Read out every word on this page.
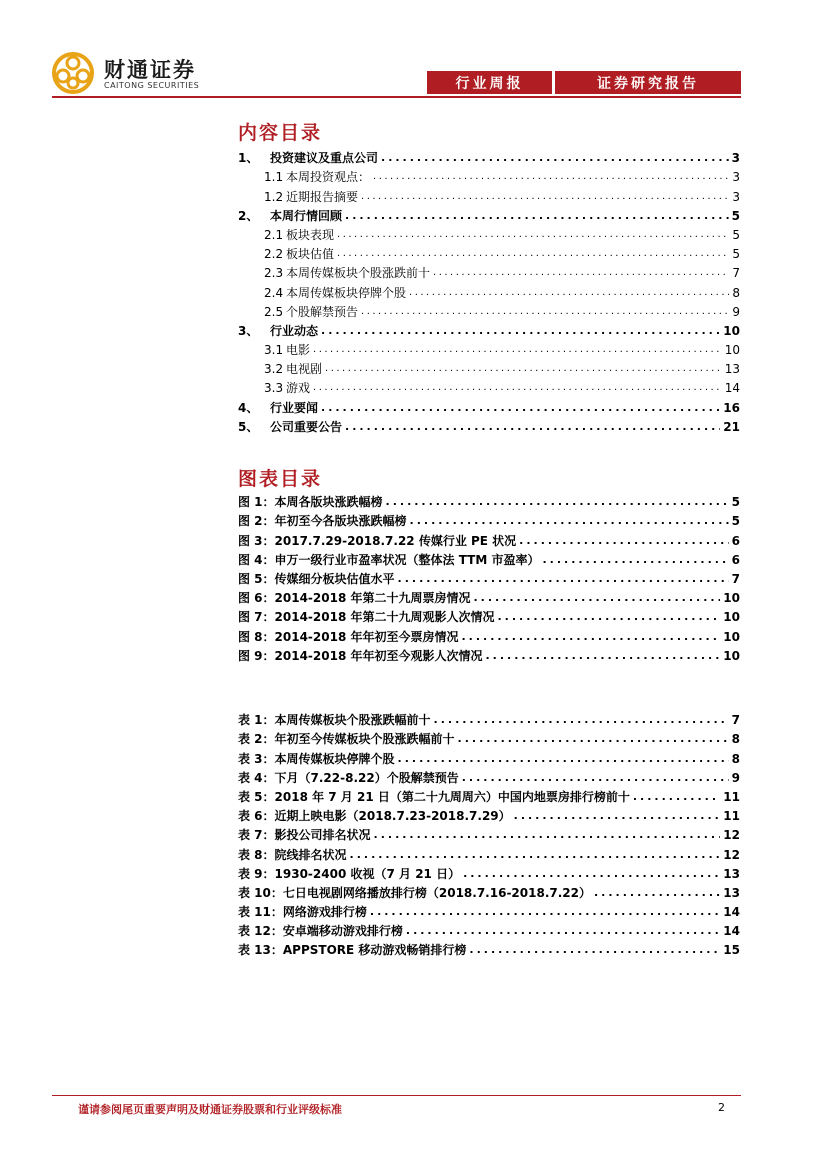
财通证券
CAITONG SECURITIES	行业周报	证券研究报告
内容目录
1、 投资建议及重点公司 .....	3
1.1 本周投资观点： .....	3
1.2 近期报告摘要 .....	3
2、 本周行情回顾 .....	5
2.1 板块表现 .....	5
2.2 板块估值 .....	5
2.3 本周传媒板块个股涨跌前十 .....	7
2.4 本周传媒板块停牌个股 .....	8
2.5 个股解禁预告 .....	9
3、 行业动态 .....	10
3.1 电影 .....	10
3.2 电视剧 .....	13
3.3 游戏 .....	14
4、 行业要闻 .....	16
5、 公司重要公告 .....	21
图表目录
图 1：本周各版块涨跌幅榜 .....	5
图 2：年初至今各版块涨跌幅榜 .....	5
图 3：2017.7.29-2018.7.22 传媒行业 PE 状况 .....	6
图 4：申万一级行业市盈率状况（整体法 TTM 市盈率） .....	6
图 5：传媒细分板块估值水平 .....	7
图 6：2014-2018 年第二十九周票房情况 .....	10
图 7：2014-2018 年第二十九周观影人次情况 .....	10
图 8：2014-2018 年年初至今票房情况 .....	10
图 9：2014-2018 年年初至今观影人次情况 .....	10
表 1：本周传媒板块个股涨跌幅前十 .....	7
表 2：年初至今传媒板块个股涨跌幅前十 .....	8
表 3：本周传媒板块停牌个股 .....	8
表 4：下月（7.22-8.22）个股解禁预告 .....	9
表 5：2018 年 7 月 21 日（第二十九周周六）中国内地票房排行榜前十 .....	11
表 6：近期上映电影（2018.7.23-2018.7.29） .....	11
表 7：影投公司排名状况 .....	12
表 8：院线排名状况 .....	12
表 9：1930-2400 收视（7 月 21 日） .....	13
表 10：七日电视剧网络播放排行榜（2018.7.16-2018.7.22） .....	13
表 11：网络游戏排行榜 .....	14
表 12：安卓端移动游戏排行榜 .....	14
表 13：APPSTORE 移动游戏畅销排行榜 .....	15
谨请参阅尾页重要声明及财通证券股票和行业评级标准	2
